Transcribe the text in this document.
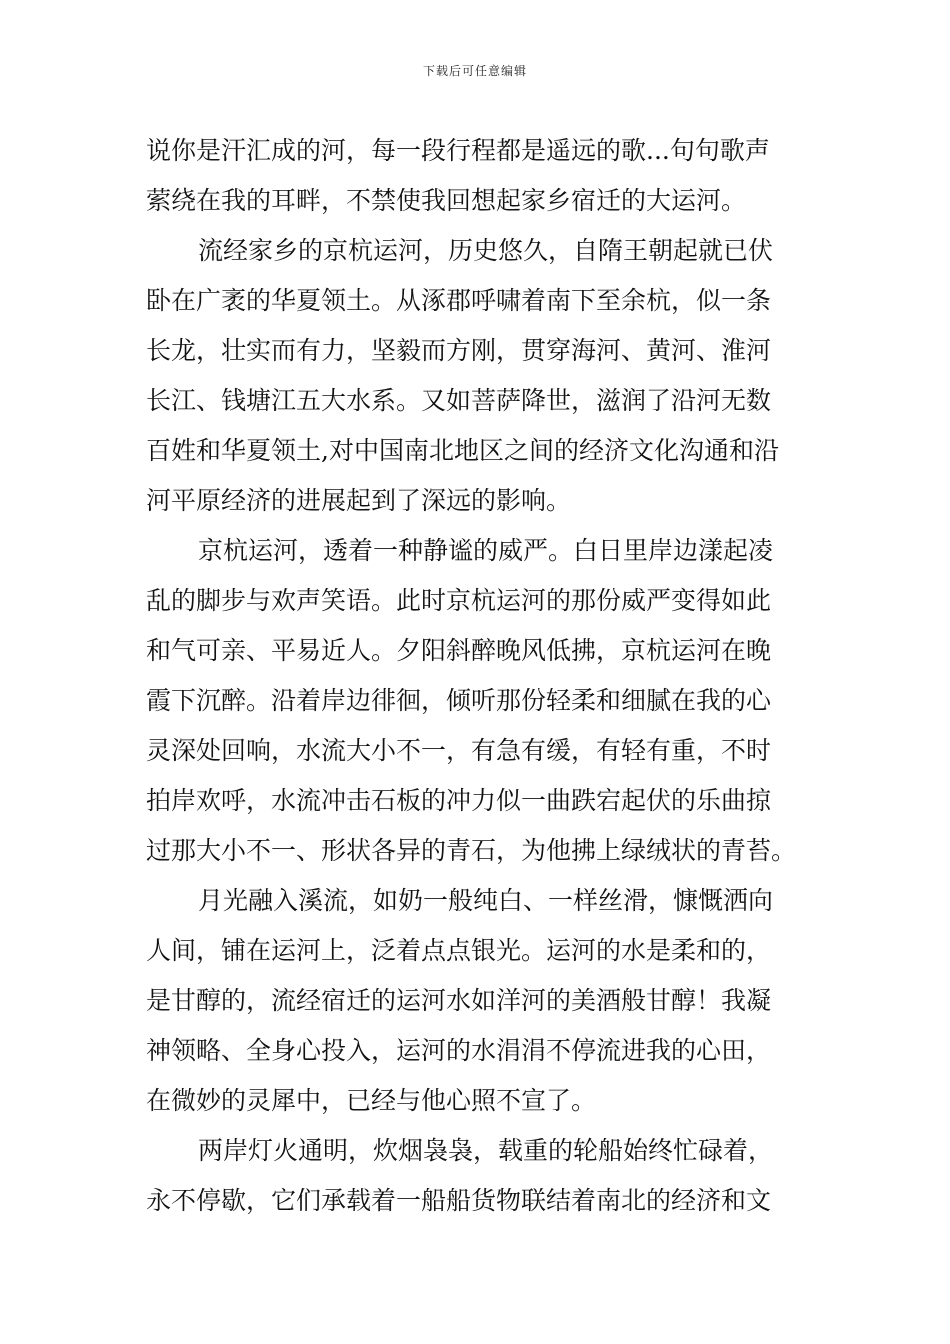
下载后可任意编辑
说你是汗汇成的河，每一段行程都是遥远的歌...句句歌声
萦绕在我的耳畔，不禁使我回想起家乡宿迁的大运河。
流经家乡的京杭运河，历史悠久，自隋王朝起就已伏
卧在广袤的华夏领土。从涿郡呼啸着南下至余杭，似一条
长龙，壮实而有力，坚毅而方刚，贯穿海河、黄河、淮河
长江、钱塘江五大水系。又如菩萨降世，滋润了沿河无数
百姓和华夏领土,对中国南北地区之间的经济文化沟通和沿
河平原经济的进展起到了深远的影响。
京杭运河，透着一种静谧的威严。白日里岸边漾起凌
乱的脚步与欢声笑语。此时京杭运河的那份威严变得如此
和气可亲、平易近人。夕阳斜醉晚风低拂，京杭运河在晚
霞下沉醉。沿着岸边徘徊，倾听那份轻柔和细腻在我的心
灵深处回响，水流大小不一，有急有缓，有轻有重，不时
拍岸欢呼，水流冲击石板的冲力似一曲跌宕起伏的乐曲掠
过那大小不一、形状各异的青石，为他拂上绿绒状的青苔。
月光融入溪流，如奶一般纯白、一样丝滑，慷慨洒向
人间，铺在运河上，泛着点点银光。运河的水是柔和的，
是甘醇的，流经宿迁的运河水如洋河的美酒般甘醇！我凝
神领略、全身心投入，运河的水涓涓不停流进我的心田，
在微妙的灵犀中，已经与他心照不宣了。
两岸灯火通明，炊烟袅袅，载重的轮船始终忙碌着，
永不停歇，它们承载着一船船货物联结着南北的经济和文
